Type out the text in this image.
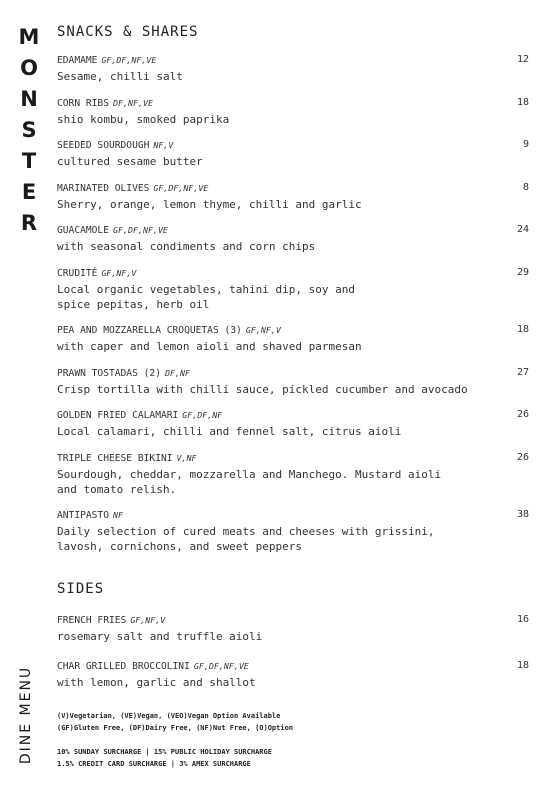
M
O
N
S
T
E
R
DINE MENU
SNACKS & SHARES
EDAMAME GF,DF,NF,VE	12
Sesame, chilli salt
CORN RIBS DF,NF,VE	18
shio kombu, smoked paprika
SEEDED SOURDOUGH NF,V	9
cultured sesame butter
MARINATED OLIVES GF,DF,NF,VE	8
Sherry, orange, lemon thyme, chilli and garlic
GUACAMOLE GF,DF,NF,VE	24
with seasonal condiments and corn chips
CRUDITÉ GF,NF,V	29
Local organic vegetables, tahini dip, soy and
spice pepitas, herb oil
PEA AND MOZZARELLA CROQUETAS (3) GF,NF,V	18
with caper and lemon aioli and shaved parmesan
PRAWN TOSTADAS (2) DF,NF	27
Crisp tortilla with chilli sauce, pickled cucumber and avocado
GOLDEN FRIED CALAMARI GF,DF,NF	26
Local calamari, chilli and fennel salt, citrus aioli
TRIPLE CHEESE BIKINI V,NF	26
Sourdough, cheddar, mozzarella and Manchego. Mustard aioli
and tomato relish.
ANTIPASTO NF	38
Daily selection of cured meats and cheeses with grissini,
lavosh, cornichons, and sweet peppers
SIDES
FRENCH FRIES GF,NF,V	16
rosemary salt and truffle aioli
CHAR GRILLED BROCCOLINI GF,DF,NF,VE	18
with lemon, garlic and shallot
(V)Vegetarian, (VE)Vegan, (VEO)Vegan Option Available
(GF)Gluten Free, (DF)Dairy Free, (NF)Nut Free, (O)Option
10% SUNDAY SURCHARGE | 15% PUBLIC HOLIDAY SURCHARGE
1.5% CREDIT CARD SURCHARGE | 3% AMEX SURCHARGE
